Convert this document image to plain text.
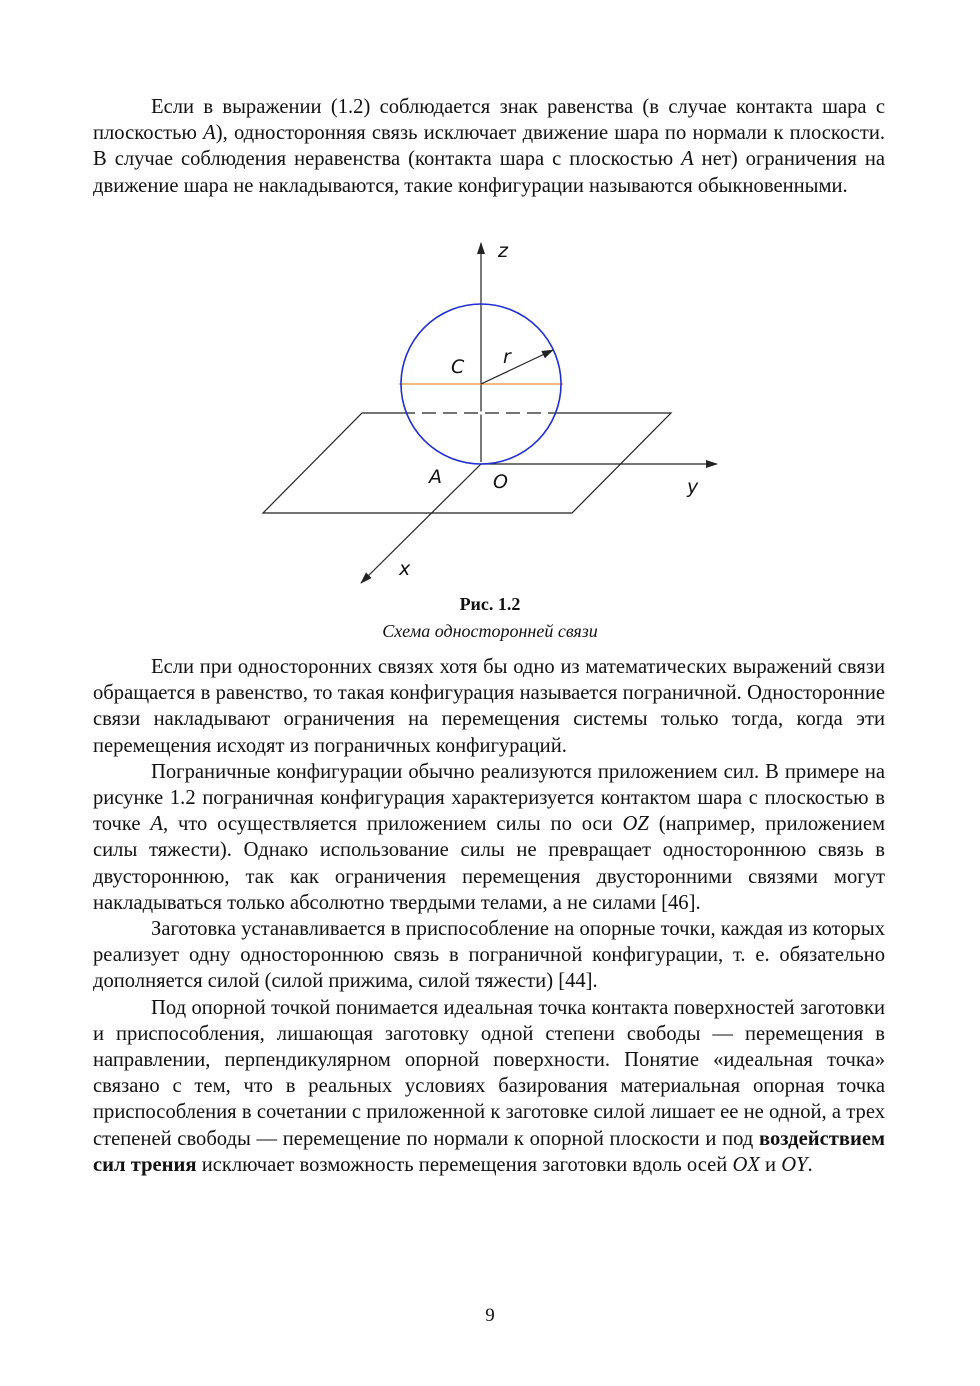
Если в выражении (1.2) соблюдается знак равенства (в случае контакта шара с плоскостью A), односторонняя связь исключает движение шара по нормали к плоскости. В случае соблюдения неравенства (контакта шара с плоскостью A нет) ограничения на движение шара не накладываются, такие конфигурации называются обыкновенными.

z
r
C
A	O	y
x
Рис. 1.2
Схема односторонней связи

Если при односторонних связях хотя бы одно из математических выражений связи обращается в равенство, то такая конфигурация называется пограничной. Односторонние связи накладывают ограничения на перемещения системы только тогда, когда эти перемещения исходят из пограничных конфигураций.

Пограничные конфигурации обычно реализуются приложением сил. В примере на рисунке 1.2 пограничная конфигурация характеризуется контактом шара с плоскостью в точке A, что осуществляется приложением силы по оси OZ (например, приложением силы тяжести). Однако использование силы не превращает одностороннюю связь в двустороннюю, так как ограничения перемещения двусторонними связями могут накладываться только абсолютно твердыми телами, а не силами [46].

Заготовка устанавливается в приспособление на опорные точки, каждая из которых реализует одну одностороннюю связь в пограничной конфигурации, т. е. обязательно дополняется силой (силой прижима, силой тяжести) [44].

Под опорной точкой понимается идеальная точка контакта поверхностей заготовки и приспособления, лишающая заготовку одной степени свободы — перемещения в направлении, перпендикулярном опорной поверхности. Понятие «идеальная точка» связано с тем, что в реальных условиях базирования материальная опорная точка приспособления в сочетании с приложенной к заготовке силой лишает ее не одной, а трех степеней свободы — перемещение по нормали к опорной плоскости и под воздействием сил трения исключает возможность перемещения заготовки вдоль осей OX и OY.

9
